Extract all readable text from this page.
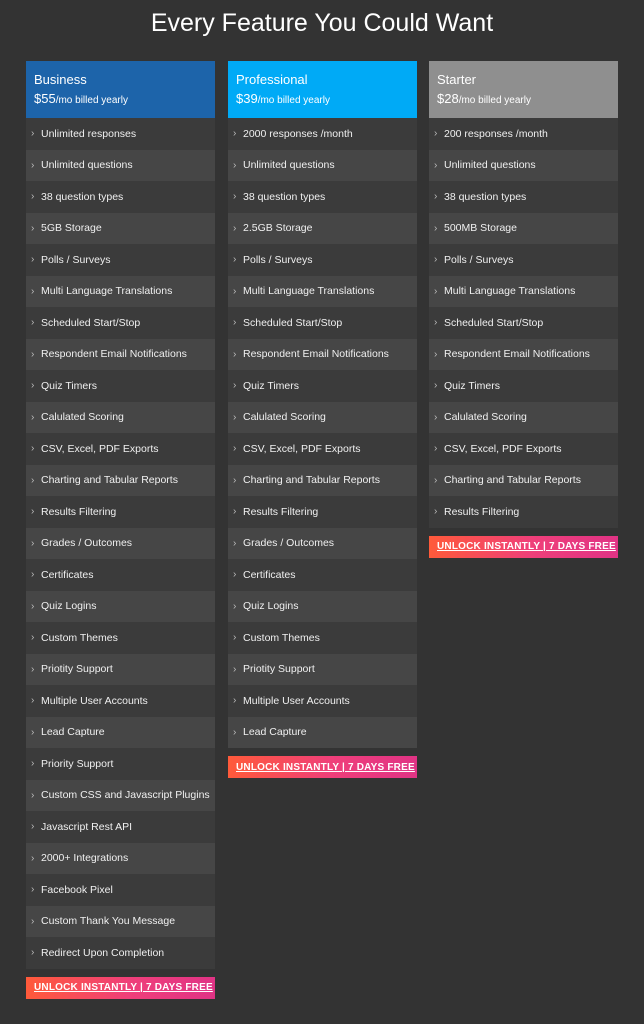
Every Feature You Could Want
Business
$55/mo billed yearly
› Unlimited responses
› Unlimited questions
› 38 question types
› 5GB Storage
› Polls / Surveys
› Multi Language Translations
› Scheduled Start/Stop
› Respondent Email Notifications
› Quiz Timers
› Calulated Scoring
› CSV, Excel, PDF Exports
› Charting and Tabular Reports
› Results Filtering
› Grades / Outcomes
› Certificates
› Quiz Logins
› Custom Themes
› Priotity Support
› Multiple User Accounts
› Lead Capture
› Priority Support
› Custom CSS and Javascript Plugins
› Javascript Rest API
› 2000+ Integrations
› Facebook Pixel
› Custom Thank You Message
› Redirect Upon Completion
UNLOCK INSTANTLY | 7 DAYS FREE
Professional
$39/mo billed yearly
› 2000 responses /month
› Unlimited questions
› 38 question types
› 2.5GB Storage
› Polls / Surveys
› Multi Language Translations
› Scheduled Start/Stop
› Respondent Email Notifications
› Quiz Timers
› Calulated Scoring
› CSV, Excel, PDF Exports
› Charting and Tabular Reports
› Results Filtering
› Grades / Outcomes
› Certificates
› Quiz Logins
› Custom Themes
› Priotity Support
› Multiple User Accounts
› Lead Capture
UNLOCK INSTANTLY | 7 DAYS FREE
Starter
$28/mo billed yearly
› 200 responses /month
› Unlimited questions
› 38 question types
› 500MB Storage
› Polls / Surveys
› Multi Language Translations
› Scheduled Start/Stop
› Respondent Email Notifications
› Quiz Timers
› Calulated Scoring
› CSV, Excel, PDF Exports
› Charting and Tabular Reports
› Results Filtering
UNLOCK INSTANTLY | 7 DAYS FREE
